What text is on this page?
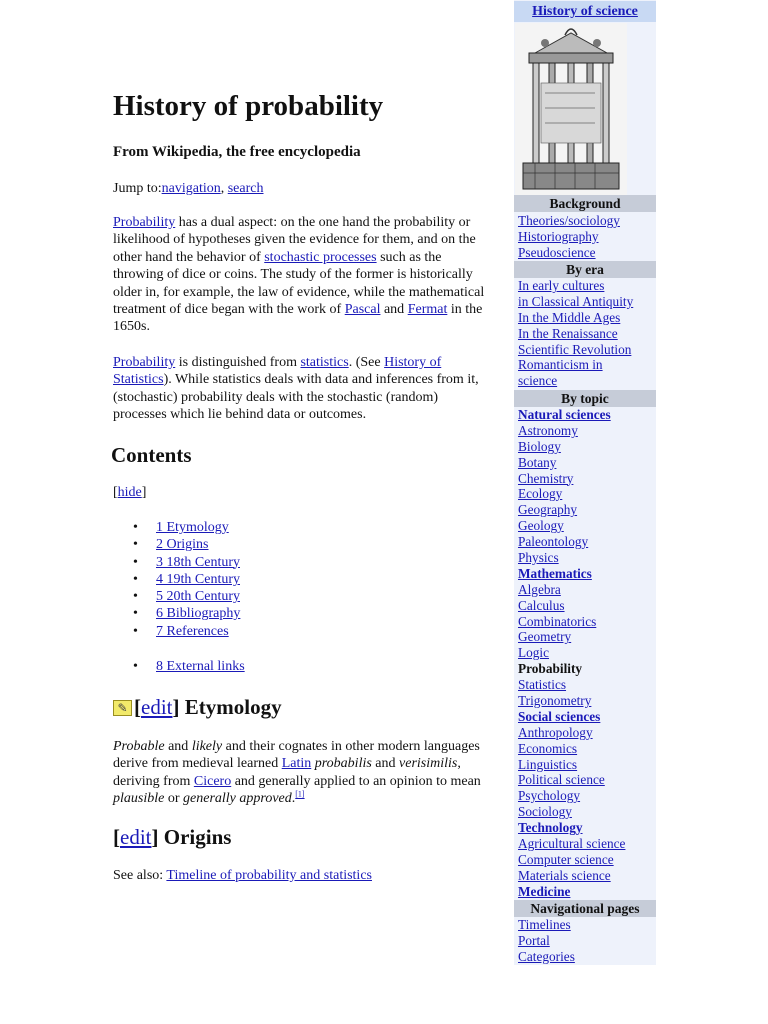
History of probability

From Wikipedia, the free encyclopedia

Jump to:navigation, search

Probability has a dual aspect: on the one hand the probability or likelihood of hypotheses given the evidence for them, and on the other hand the behavior of stochastic processes such as the throwing of dice or coins. The study of the former is historically older in, for example, the law of evidence, while the mathematical treatment of dice began with the work of Pascal and Fermat in the 1650s.

Probability is distinguished from statistics. (See History of Statistics). While statistics deals with data and inferences from it, (stochastic) probability deals with the stochastic (random) processes which lie behind data or outcomes.

Contents
[hide]
• 1 Etymology
• 2 Origins
• 3 18th Century
• 4 19th Century
• 5 20th Century
• 6 Bibliography
• 7 References
• 8 External links
✎ [edit] Etymology

Probable and likely and their cognates in other modern languages derive from medieval learned Latin probabilis and verisimilis, deriving from Cicero and generally applied to an opinion to mean plausible or generally approved.[1]

[edit] Origins
See also: Timeline of probability and statistics
History of science
Background
Theories/sociology
Historiography
Pseudoscience
By era
In early cultures
in Classical Antiquity
In the Middle Ages
In the Renaissance
Scientific Revolution
Romanticism in
science
By topic
Natural sciences
Astronomy
Biology
Botany
Chemistry
Ecology
Geography
Geology
Paleontology
Physics
Mathematics
Algebra
Calculus
Combinatorics
Geometry
Logic
Probability
Statistics
Trigonometry
Social sciences
Anthropology
Economics
Linguistics
Political science
Psychology
Sociology
Technology
Agricultural science
Computer science
Materials science
Medicine
Navigational pages
Timelines
Portal
Categories
